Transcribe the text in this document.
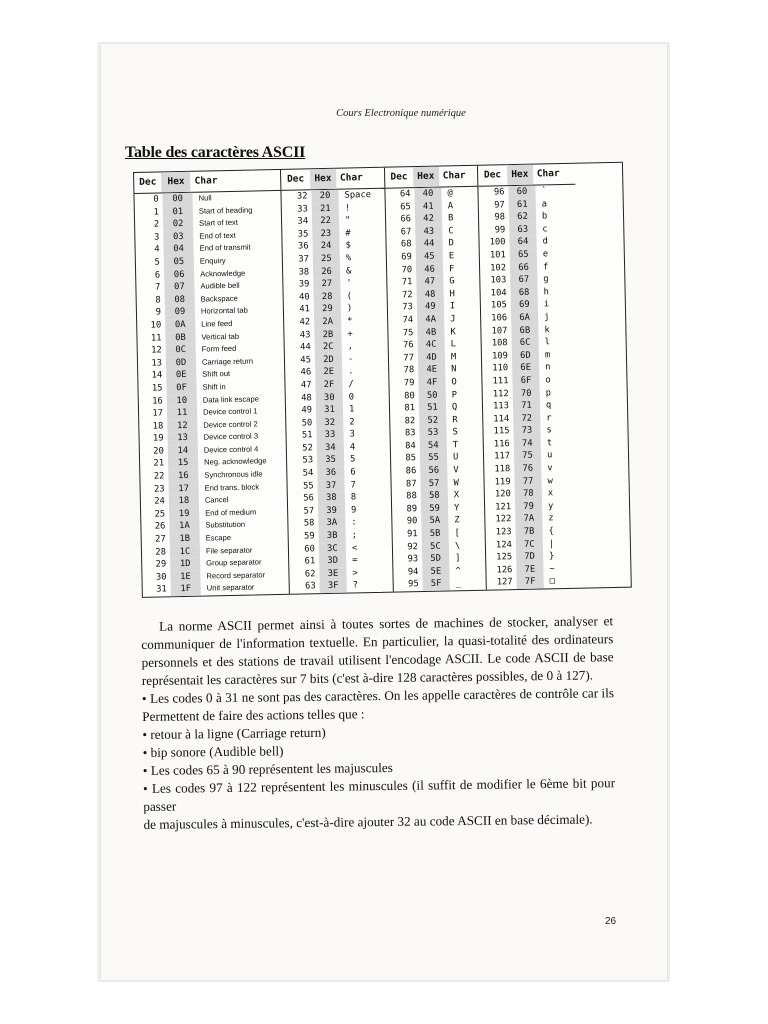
Cours Electronique numérique
Table des caractères ASCII
Dec	Hex	Char
0	00	Null
1	01	Start of heading
2	02	Start of text
3	03	End of text
4	04	End of transmit
5	05	Enquiry
6	06	Acknowledge
7	07	Audible bell
8	08	Backspace
9	09	Horizontal tab
10	0A	Line feed
11	0B	Vertical tab
12	0C	Form feed
13	0D	Carriage return
14	0E	Shift out
15	0F	Shift in
16	10	Data link escape
17	11	Device control 1
18	12	Device control 2
19	13	Device control 3
20	14	Device control 4
21	15	Neg. acknowledge
22	16	Synchronous idle
23	17	End trans. block
24	18	Cancel
25	19	End of medium
26	1A	Substitution
27	1B	Escape
28	1C	File separator
29	1D	Group separator
30	1E	Record separator
31	1F	Unit separator
Dec	Hex Char
32	20	Space
33	21	!
34	22	"
35	23	#
36	24	$
37	25	%
38	26	&
39	27	'
40	28	(
41	29	)
42	2A	*
43	2B	+
44	2C	,
45	2D	-
46	2E	.
47	2F	/
48	30	0
49	31	1
50	32	2
51	33	3
52	34	4
53	35	5
54	36	6
55	37	7
56	38	8
57	39	9
58	3A	:
59	3B	;
60	3C	<
61	3D	=
62	3E	>
63	3F	?
Dec Hex Char
64	40	@
65	41	A
66	42	B
67	43	C
68	44	D
69	45	E
70	46	F
71	47	G
72	48	H
73	49	I
74	4A	J
75	4B	K
76	4C	L
77	4D	M
78	4E	N
79	4F	O
80	50	P
81	51	Q
82	52	R
83	53	S
84	54	T
85	55	U
86	56	V
87	57	W
88	58	X
89	59	Y
90	5A	Z
91	5B	[
92	5C	\
93	5D	]
94	5E	^
95	5F	_
Dec	Hex Char
96	60	`
97	61	a
98	62	b
99	63	c
100	64	d
101	65	e
102	66	f
103	67	g
104	68	h
105	69	i
106	6A	j
107	6B	k
108	6C	l
109	6D	m
110	6E	n
111	6F	o
112	70	p
113	71	q
114	72	r
115	73	s
116	74	t
117	75	u
118	76	v
119	77	w
120	78	x
121	79	y
122	7A	z
123	7B	{
124	7C	|
125	7D	}
126	7E	~
127	7F	□

La norme ASCII permet ainsi à toutes sortes de machines de stocker, analyser et communiquer de l'information textuelle. En particulier, la quasi-totalité des ordinateurs personnels et des stations de travail utilisent l'encodage ASCII. Le code ASCII de base représentait les caractères sur 7 bits (c'est à-dire 128 caractères possibles, de 0 à 127).

• Les codes 0 à 31 ne sont pas des caractères. On les appelle caractères de contrôle car ils Permettent de faire des actions telles que :

• retour à la ligne (Carriage return)

• bip sonore (Audible bell)

• Les codes 65 à 90 représentent les majuscules

• Les codes 97 à 122 représentent les minuscules (il suffit de modifier le 6ème bit pour passer

de majuscules à minuscules, c'est-à-dire ajouter 32 au code ASCII en base décimale).

26
